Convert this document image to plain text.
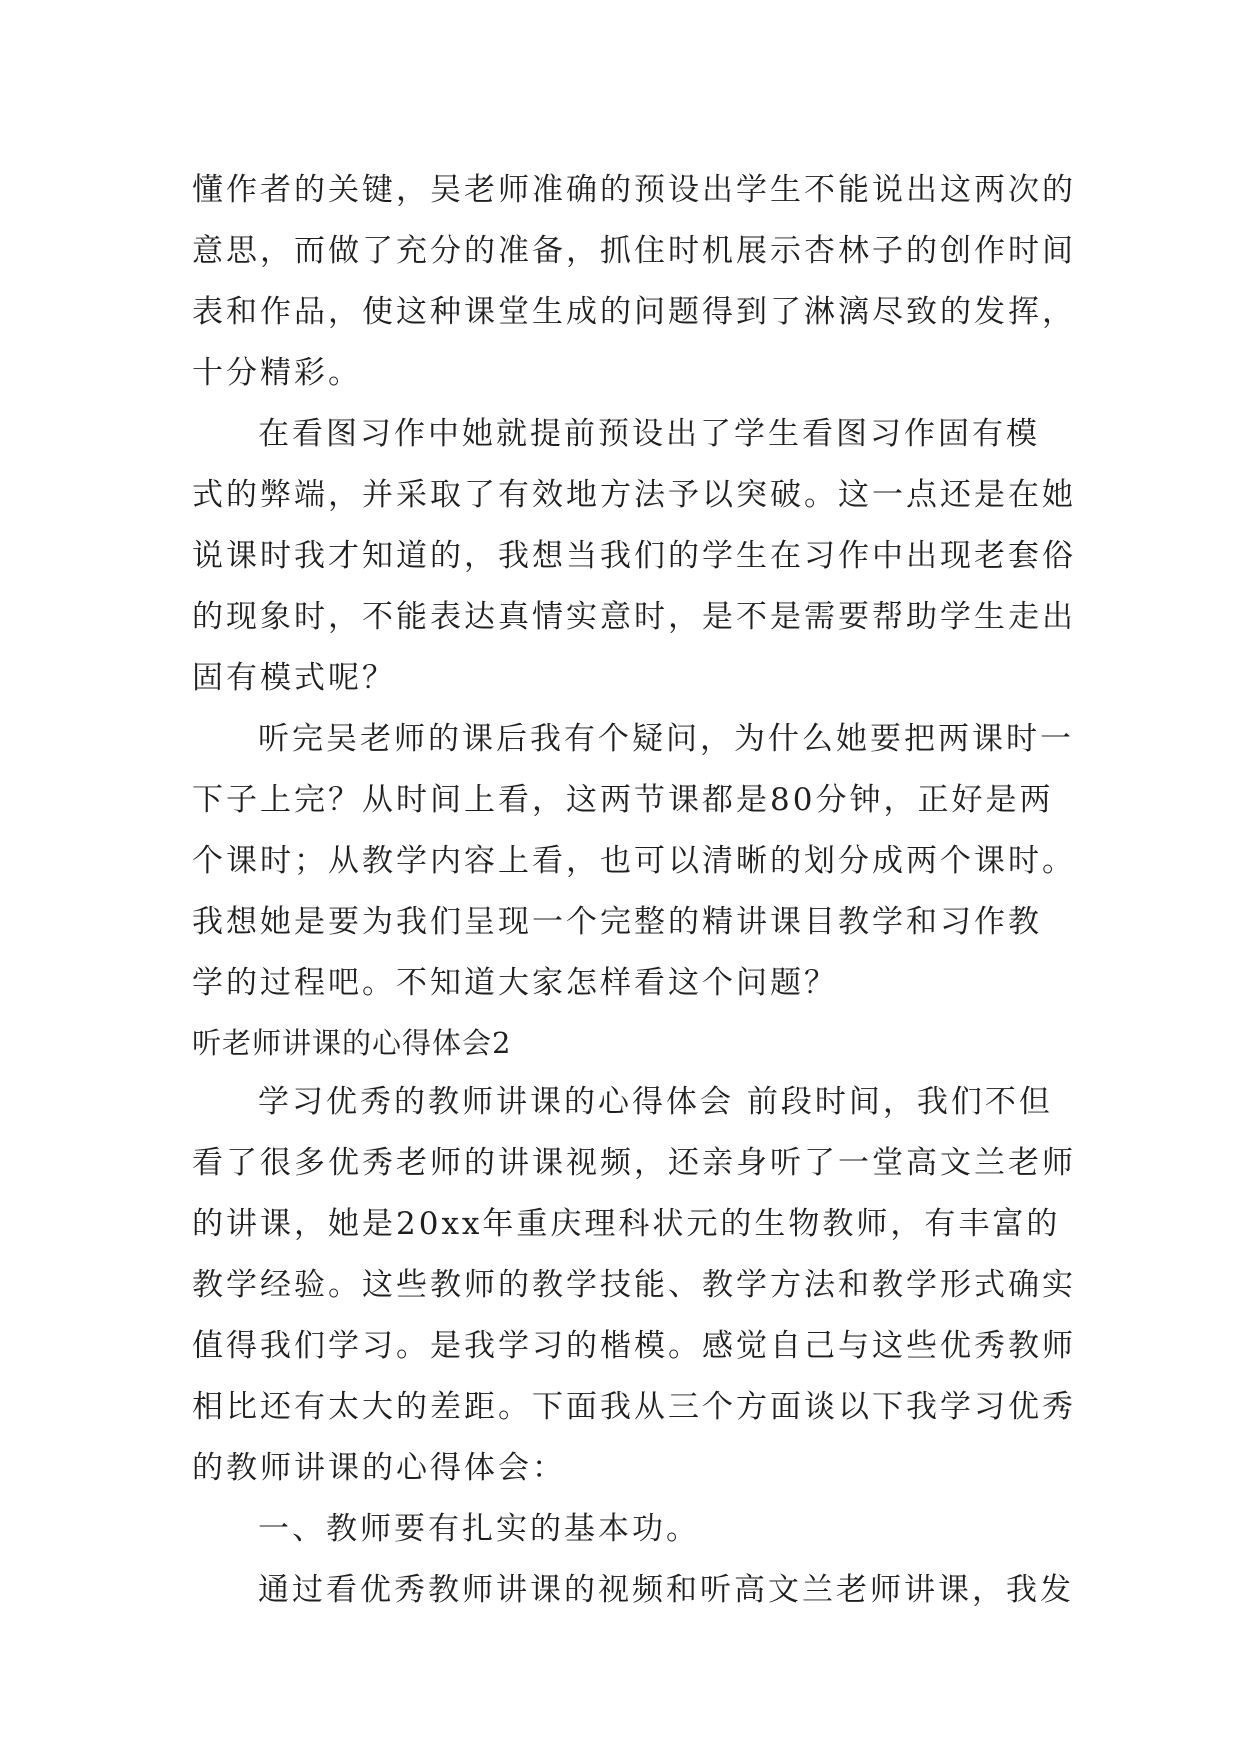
懂作者的关键，吴老师准确的预设出学生不能说出这两次的
意思，而做了充分的准备，抓住时机展示杏林子的创作时间
表和作品，使这种课堂生成的问题得到了淋漓尽致的发挥，
十分精彩。
在看图习作中她就提前预设出了学生看图习作固有模
式的弊端，并采取了有效地方法予以突破。这一点还是在她
说课时我才知道的，我想当我们的学生在习作中出现老套俗
的现象时，不能表达真情实意时，是不是需要帮助学生走出
固有模式呢？
听完吴老师的课后我有个疑问，为什么她要把两课时一
下子上完？从时间上看，这两节课都是80分钟，正好是两
个课时；从教学内容上看，也可以清晰的划分成两个课时。
我想她是要为我们呈现一个完整的精讲课目教学和习作教
学的过程吧。不知道大家怎样看这个问题？
听老师讲课的心得体会2
学习优秀的教师讲课的心得体会 前段时间，我们不但
看了很多优秀老师的讲课视频，还亲身听了一堂高文兰老师
的讲课，她是20xx年重庆理科状元的生物教师，有丰富的
教学经验。这些教师的教学技能、教学方法和教学形式确实
值得我们学习。是我学习的楷模。感觉自己与这些优秀教师
相比还有太大的差距。下面我从三个方面谈以下我学习优秀
的教师讲课的心得体会：
一、教师要有扎实的基本功。
通过看优秀教师讲课的视频和听高文兰老师讲课，我发
